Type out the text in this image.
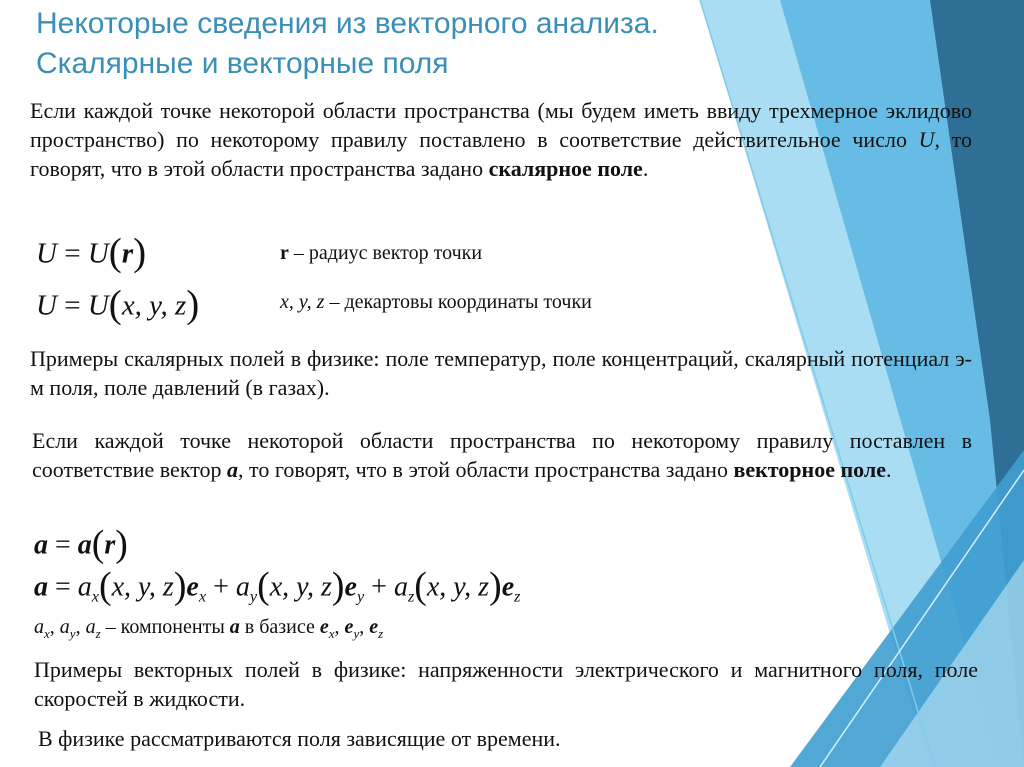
Некоторые сведения из векторного анализа.
Скалярные и векторные поля

Если каждой точке некоторой области пространства (мы будем иметь ввиду трехмерное эклидово пространство) по некоторому правилу поставлено в соответствие действительное число U, то говорят, что в этой области пространства задано скалярное поле.

U = U(r)	r – радиус вектор точки
U = U(x, y, z)	x, y, z – декартовы координаты точки

Примеры скалярных полей в физике: поле температур, поле концентраций, скалярный потенциал э-м поля, поле давлений (в газах).

Если каждой точке некоторой области пространства по некоторому правилу поставлен в соответствие вектор a, то говорят, что в этой области пространства задано векторное поле.

a = a(r)
$a = a_x(x$, y, $z)e_x + a_y(x$, y, $z)e_y + a_z(x$, y, $z)e_z$
$a_x$, $a_y$, $a_z$ – компоненты a в базисе $e_x$, $e_y$, $e_z$

Примеры векторных полей в физике: напряженности электрического и магнитного поля, поле скоростей в жидкости.

В физике рассматриваются поля зависящие от времени.
